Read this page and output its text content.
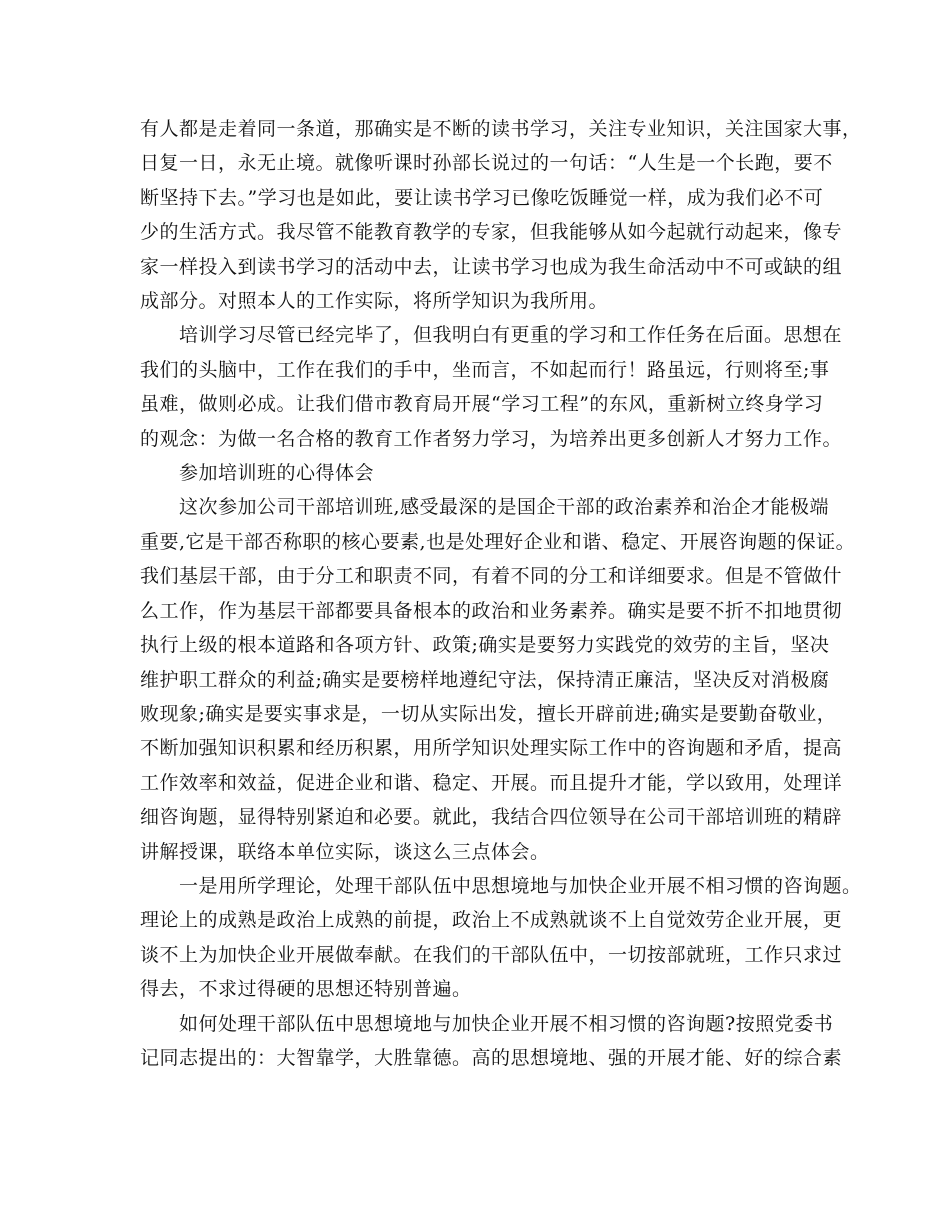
有人都是走着同一条道，那确实是不断的读书学习，关注专业知识，关注国家大事，
日复一日，永无止境。就像听课时孙部长说过的一句话：“人生是一个长跑，要不
断坚持下去。”学习也是如此，要让读书学习已像吃饭睡觉一样，成为我们必不可
少的生活方式。我尽管不能教育教学的专家，但我能够从如今起就行动起来，像专
家一样投入到读书学习的活动中去，让读书学习也成为我生命活动中不可或缺的组
成部分。对照本人的工作实际，将所学知识为我所用。
　　培训学习尽管已经完毕了，但我明白有更重的学习和工作任务在后面。思想在
我们的头脑中，工作在我们的手中，坐而言，不如起而行！路虽远，行则将至;事
虽难，做则必成。让我们借市教育局开展“学习工程”的东风，重新树立终身学习
的观念：为做一名合格的教育工作者努力学习，为培养出更多创新人才努力工作。
　　参加培训班的心得体会
　　这次参加公司干部培训班,感受最深的是国企干部的政治素养和治企才能极端
重要,它是干部否称职的核心要素,也是处理好企业和谐、稳定、开展咨询题的保证。
我们基层干部，由于分工和职责不同，有着不同的分工和详细要求。但是不管做什
么工作，作为基层干部都要具备根本的政治和业务素养。确实是要不折不扣地贯彻
执行上级的根本道路和各项方针、政策;确实是要努力实践党的效劳的主旨，坚决
维护职工群众的利益;确实是要榜样地遵纪守法，保持清正廉洁，坚决反对消极腐
败现象;确实是要实事求是，一切从实际出发，擅长开辟前进;确实是要勤奋敬业，
不断加强知识积累和经历积累，用所学知识处理实际工作中的咨询题和矛盾，提高
工作效率和效益，促进企业和谐、稳定、开展。而且提升才能，学以致用，处理详
细咨询题，显得特别紧迫和必要。就此，我结合四位领导在公司干部培训班的精辟
讲解授课，联络本单位实际，谈这么三点体会。
　　一是用所学理论，处理干部队伍中思想境地与加快企业开展不相习惯的咨询题。
理论上的成熟是政治上成熟的前提，政治上不成熟就谈不上自觉效劳企业开展，更
谈不上为加快企业开展做奉献。在我们的干部队伍中，一切按部就班，工作只求过
得去，不求过得硬的思想还特别普遍。
　　如何处理干部队伍中思想境地与加快企业开展不相习惯的咨询题?按照党委书
记同志提出的：大智靠学，大胜靠德。高的思想境地、强的开展才能、好的综合素
